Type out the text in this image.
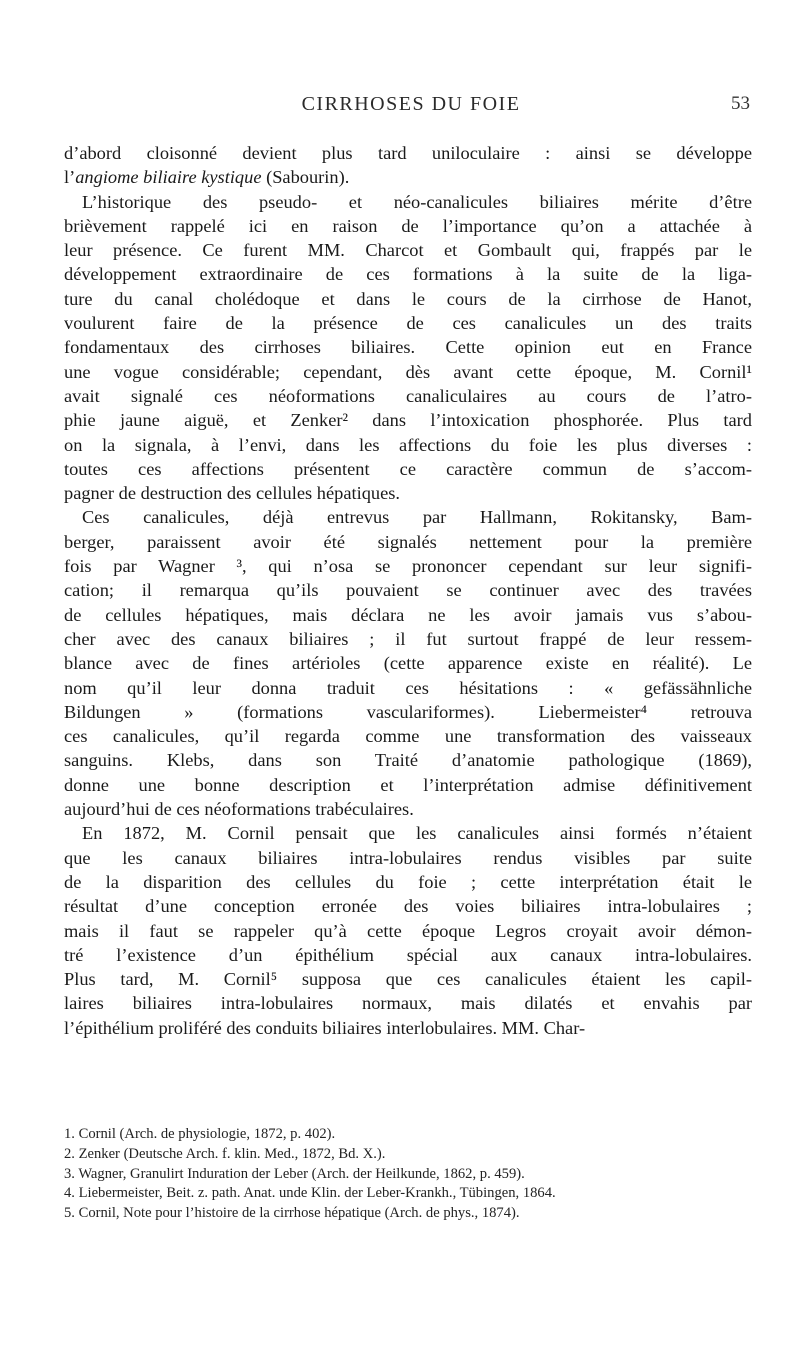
CIRRHOSES DU FOIE	53

d’abord cloisonné devient plus tard uniloculaire : ainsi se développe
l’angiome biliaire kystique (Sabourin).

L’historique des pseudo- et néo-canalicules biliaires mérite d’être
brièvement rappelé ici en raison de l’importance qu’on a attachée à
leur présence. Ce furent MM. Charcot et Gombault qui, frappés par le
développement extraordinaire de ces formations à la suite de la liga-
ture du canal cholédoque et dans le cours de la cirrhose de Hanot,
voulurent faire de la présence de ces canalicules un des traits
fondamentaux des cirrhoses biliaires. Cette opinion eut en France
une vogue considérable; cependant, dès avant cette époque, M. Cornil¹
avait signalé ces néoformations canaliculaires au cours de l’atro-
phie jaune aiguë, et Zenker² dans l’intoxication phosphorée. Plus tard
on la signala, à l’envi, dans les affections du foie les plus diverses :
toutes ces affections présentent ce caractère commun de s’accom-
pagner de destruction des cellules hépatiques.

Ces canalicules, déjà entrevus par Hallmann, Rokitansky, Bam-
berger, paraissent avoir été signalés nettement pour la première
fois par Wagner ³, qui n’osa se prononcer cependant sur leur signifi-
cation; il remarqua qu’ils pouvaient se continuer avec des travées
de cellules hépatiques, mais déclara ne les avoir jamais vus s’abou-
cher avec des canaux biliaires ; il fut surtout frappé de leur ressem-
blance avec de fines artérioles (cette apparence existe en réalité). Le
nom qu’il leur donna traduit ces hésitations : « gefässähnliche
Bildungen » (formations vasculariformes). Liebermeister⁴ retrouva
ces canalicules, qu’il regarda comme une transformation des vaisseaux
sanguins. Klebs, dans son Traité d’anatomie pathologique (1869),
donne une bonne description et l’interprétation admise définitivement
aujourd’hui de ces néoformations trabéculaires.

En 1872, M. Cornil pensait que les canalicules ainsi formés n’étaient
que les canaux biliaires intra-lobulaires rendus visibles par suite
de la disparition des cellules du foie ; cette interprétation était le
résultat d’une conception erronée des voies biliaires intra-lobulaires ;
mais il faut se rappeler qu’à cette époque Legros croyait avoir démon-
tré l’existence d’un épithélium spécial aux canaux intra-lobulaires.
Plus tard, M. Cornil⁵ supposa que ces canalicules étaient les capil-
laires biliaires intra-lobulaires normaux, mais dilatés et envahis par
l’épithélium proliféré des conduits biliaires interlobulaires. MM. Char-

1. Cornil (Arch. de physiologie, 1872, p. 402).
2. Zenker (Deutsche Arch. f. klin. Med., 1872, Bd. X.).
3. Wagner, Granulirt Induration der Leber (Arch. der Heilkunde, 1862, p. 459).
4. Liebermeister, Beit. z. path. Anat. unde Klin. der Leber-Krankh., Tübingen, 1864.
5. Cornil, Note pour l’histoire de la cirrhose hépatique (Arch. de phys., 1874).
